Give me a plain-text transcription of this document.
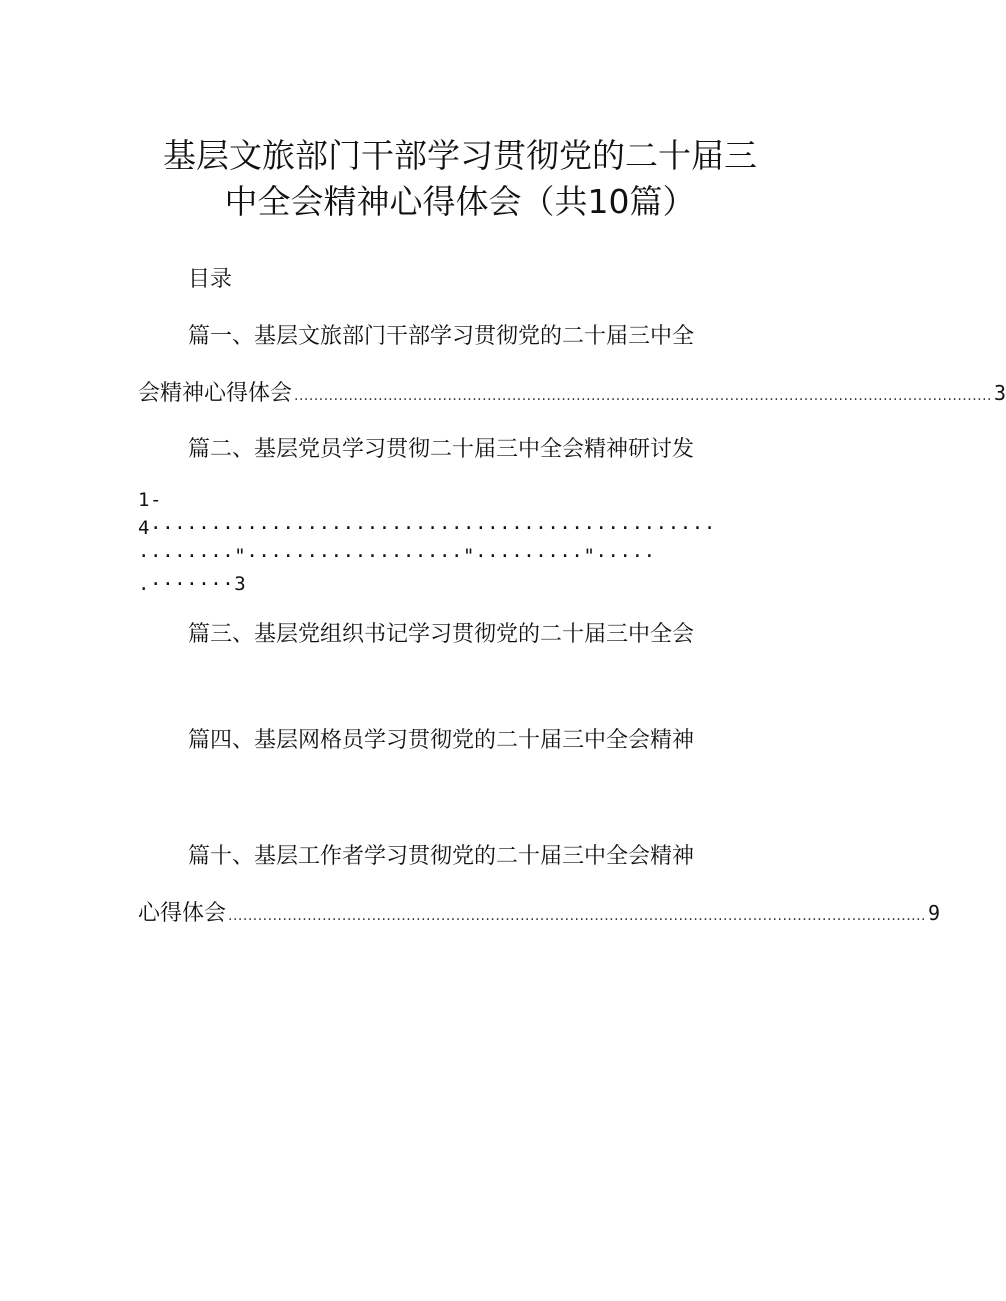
基层文旅部门干部学习贯彻党的二十届三
中全会精神心得体会（共10篇）
目录
篇一、基层文旅部门干部学习贯彻党的二十届三中全
会精神心得体会 ............................................................................................................................................. 3
篇二、基层党员学习贯彻二十届三中全会精神研讨发
1-
4···············································
········"··················"·········"·····
.·······3
篇三、基层党组织书记学习贯彻党的二十届三中全会
篇四、基层网格员学习贯彻党的二十届三中全会精神
篇十、基层工作者学习贯彻党的二十届三中全会精神
心得体会 ............................................................................................................................................. 9
